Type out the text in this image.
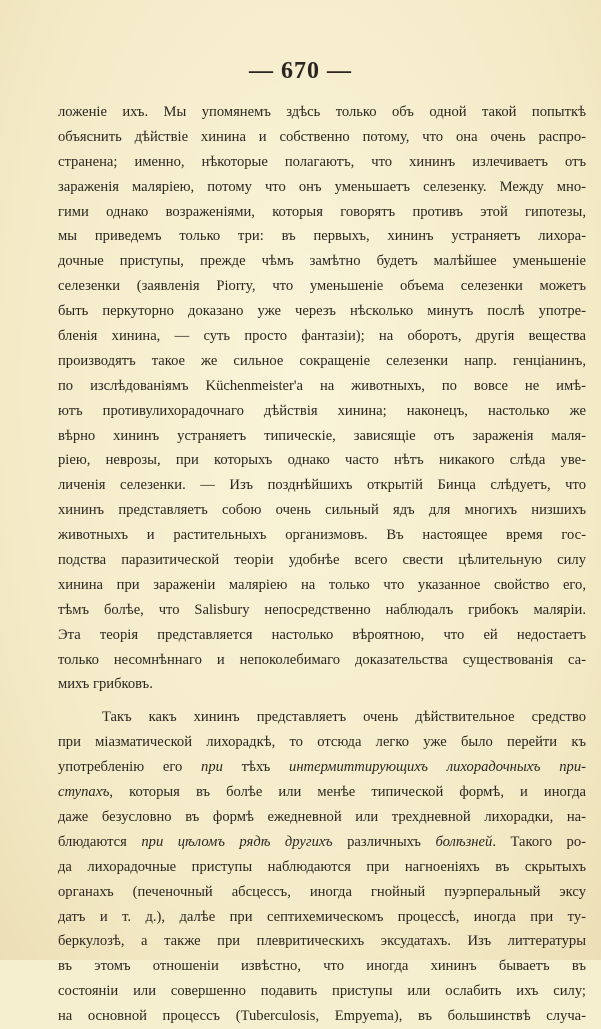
— 670 —
ложеніе ихъ. Мы упомянемъ здѣсь только объ одной такой попыткѣ
объяснить дѣйствіе хинина и собственно потому, что она очень распро-
странена; именно, нѣкоторые полагаютъ, что хининъ излечиваетъ отъ
зараженія маляріею, потому что онъ уменьшаетъ селезенку. Между мно-
гими однако возраженіями, которыя говорятъ противъ этой гипотезы,
мы приведемъ только три: въ первыхъ, хининъ устраняетъ лихора-
дочные приступы, прежде чѣмъ замѣтно будетъ малѣйшее уменьшеніе
селезенки (заявленія Piorry, что уменьшеніе объема селезенки можетъ
быть перкуторно доказано уже черезъ нѣсколько минутъ послѣ употре-
бленія хинина, — суть просто фантазіи); на оборотъ, другія вещества
производятъ такое же сильное сокращеніе селезенки напр. генціанинъ,
по изслѣдованіямъ Küchenmeister'а на животныхъ, по вовсе не имѣ-
ютъ противулихорадочнаго дѣйствія хинина; наконецъ, настолько же
вѣрно хининъ устраняетъ типическіе, зависящіе отъ зараженія маля-
ріею, неврозы, при которыхъ однако часто нѣтъ никакого слѣда уве-
личенія селезенки. — Изъ позднѣйшихъ открытій Бинца слѣдуетъ, что
хининъ представляетъ собою очень сильный ядъ для многихъ низшихъ
животныхъ и растительныхъ организмовъ. Въ настоящее время гос-
подства паразитической теоріи удобнѣе всего свести цѣлительную силу
хинина при зараженіи маляріею на только что указанное свойство его,
тѣмъ болѣе, что Salisbury непосредственно наблюдалъ грибокъ маляріи.
Эта теорія представляется настолько вѣроятною, что ей недостаетъ
только несомнѣннаго и непоколебимаго доказательства существованія са-
михъ грибковъ.
Такъ какъ хининъ представляетъ очень дѣйствительное средство
при міазматической лихорадкѣ, то отсюда легко уже было перейти къ
употребленію его при тѣхъ интермиттирующихъ лихорадочныхъ при-
ступахъ, которыя въ болѣе или менѣе типической формѣ, и иногда
даже безусловно въ формѣ ежедневной или трехдневной лихорадки, на-
блюдаются при цѣломъ рядѣ другихъ различныхъ болѣзней. Такого ро-
да лихорадочные приступы наблюдаются при нагноеніяхъ въ скрытыхъ
органахъ (печеночный абсцессъ, иногда гнойный пуэрперальный эксу
датъ и т. д.), далѣе при септихемическомъ процессѣ, иногда при ту-
беркулозѣ, а также при плевритическихъ эксудатахъ. Изъ литтературы
въ этомъ отношеніи извѣстно, что иногда хининъ бываетъ въ
состояніи или совершенно подавить приступы или ослабить ихъ силу;
на основной процессъ (Tuberculosis, Empyema), въ большинствѣ случа-
